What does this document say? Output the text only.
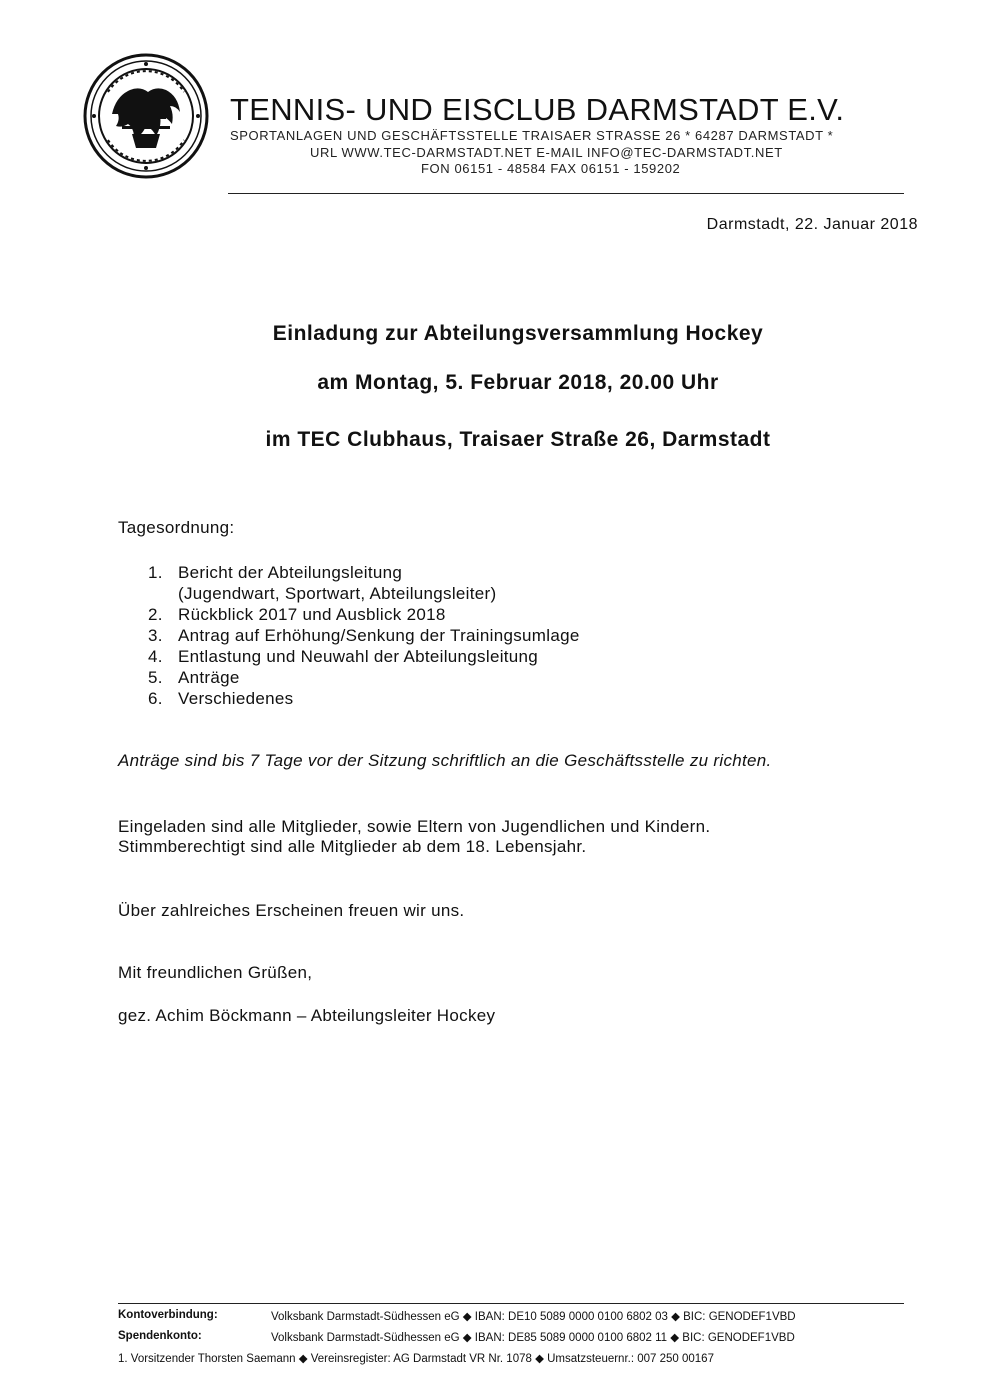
TENNIS- UND EISCLUB DARMSTADT E.V.
SPORTANLAGEN UND GESCHÄFTSSTELLE TRAISAER STRASSE 26 * 64287 DARMSTADT *
URL WWW.TEC-DARMSTADT.NET E-MAIL INFO@TEC-DARMSTADT.NET
FON 06151 - 48584 FAX 06151 - 159202
Darmstadt, 22. Januar 2018
Einladung zur Abteilungsversammlung Hockey
am Montag, 5. Februar 2018, 20.00 Uhr
im TEC Clubhaus, Traisaer Straße 26, Darmstadt
Tagesordnung:
1. Bericht der Abteilungsleitung
(Jugendwart, Sportwart, Abteilungsleiter)
2. Rückblick 2017 und Ausblick 2018
3. Antrag auf Erhöhung/Senkung der Trainingsumlage
4. Entlastung und Neuwahl der Abteilungsleitung
5. Anträge
6. Verschiedenes
Anträge sind bis 7 Tage vor der Sitzung schriftlich an die Geschäftsstelle zu richten.
Eingeladen sind alle Mitglieder, sowie Eltern von Jugendlichen und Kindern.
Stimmberechtigt sind alle Mitglieder ab dem 18. Lebensjahr.
Über zahlreiches Erscheinen freuen wir uns.
Mit freundlichen Grüßen,
gez. Achim Böckmann – Abteilungsleiter Hockey
Kontoverbindung:	Volksbank Darmstadt-Südhessen eG ◆ IBAN: DE10 5089 0000 0100 6802 03 ◆ BIC: GENODEF1VBD
Spendenkonto:	Volksbank Darmstadt-Südhessen eG ◆ IBAN: DE85 5089 0000 0100 6802 11 ◆ BIC: GENODEF1VBD
1. Vorsitzender Thorsten Saemann ◆ Vereinsregister: AG Darmstadt VR Nr. 1078 ◆ Umsatzsteuernr.: 007 250 00167
